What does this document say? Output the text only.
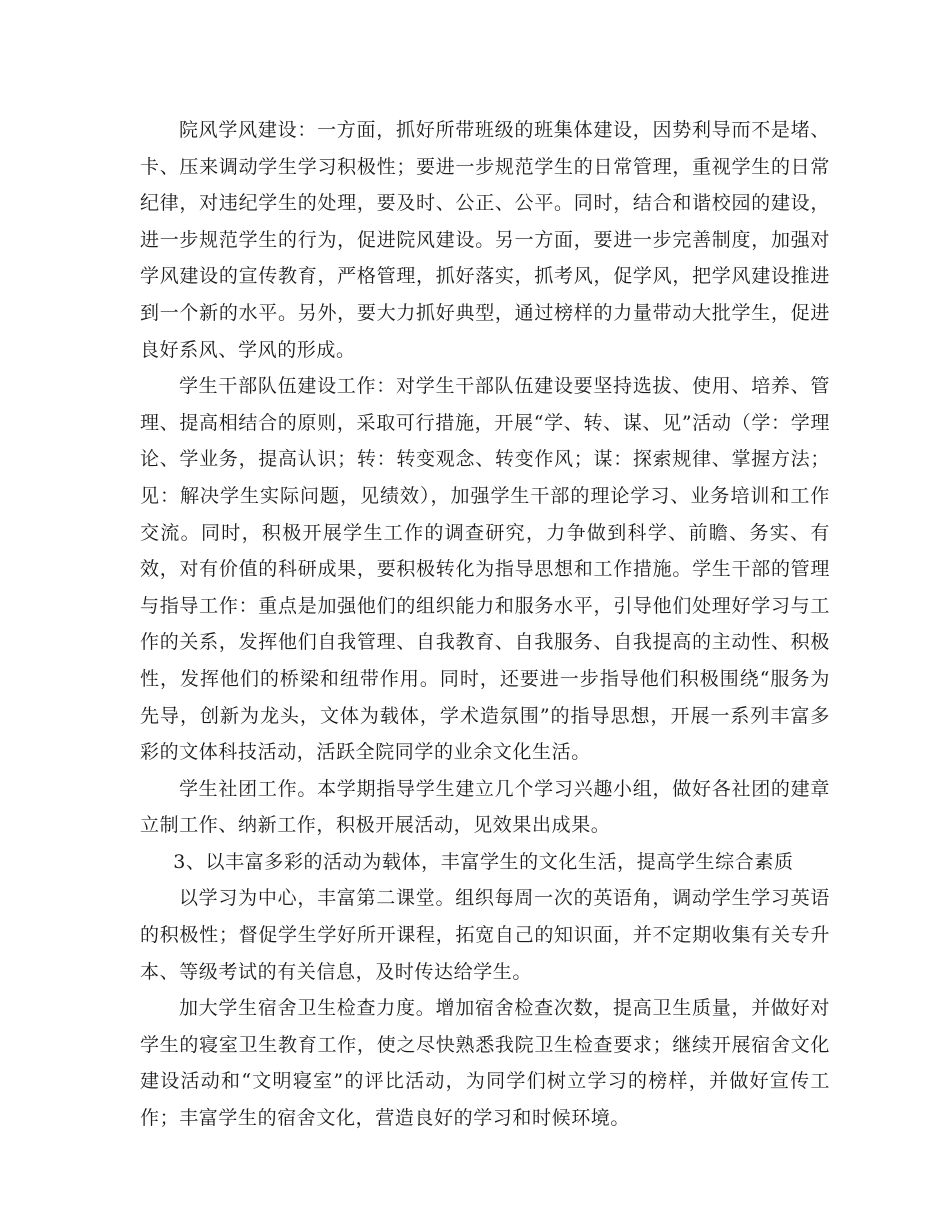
院风学风建设：一方面，抓好所带班级的班集体建设，因势利导而不是堵、卡、压来调动学生学习积极性；要进一步规范学生的日常管理，重视学生的日常纪律，对违纪学生的处理，要及时、公正、公平。同时，结合和谐校园的建设，进一步规范学生的行为，促进院风建设。另一方面，要进一步完善制度，加强对学风建设的宣传教育，严格管理，抓好落实，抓考风，促学风，把学风建设推进到一个新的水平。另外，要大力抓好典型，通过榜样的力量带动大批学生，促进良好系风、学风的形成。

学生干部队伍建设工作：对学生干部队伍建设要坚持选拔、使用、培养、管理、提高相结合的原则，采取可行措施，开展“学、转、谋、见”活动（学：学理论、学业务，提高认识；转：转变观念、转变作风；谋：探索规律、掌握方法；见：解决学生实际问题，见绩效），加强学生干部的理论学习、业务培训和工作交流。同时，积极开展学生工作的调查研究，力争做到科学、前瞻、务实、有效，对有价值的科研成果，要积极转化为指导思想和工作措施。学生干部的管理与指导工作：重点是加强他们的组织能力和服务水平，引导他们处理好学习与工作的关系，发挥他们自我管理、自我教育、自我服务、自我提高的主动性、积极性，发挥他们的桥梁和纽带作用。同时，还要进一步指导他们积极围绕“服务为先导，创新为龙头，文体为载体，学术造氛围”的指导思想，开展一系列丰富多彩的文体科技活动，活跃全院同学的业余文化生活。

学生社团工作。本学期指导学生建立几个学习兴趣小组，做好各社团的建章立制工作、纳新工作，积极开展活动，见效果出成果。

3、以丰富多彩的活动为载体，丰富学生的文化生活，提高学生综合素质

以学习为中心，丰富第二课堂。组织每周一次的英语角，调动学生学习英语的积极性；督促学生学好所开课程，拓宽自己的知识面，并不定期收集有关专升本、等级考试的有关信息，及时传达给学生。

加大学生宿舍卫生检查力度。增加宿舍检查次数，提高卫生质量，并做好对学生的寝室卫生教育工作，使之尽快熟悉我院卫生检查要求；继续开展宿舍文化建设活动和“文明寝室”的评比活动，为同学们树立学习的榜样，并做好宣传工作；丰富学生的宿舍文化，营造良好的学习和时候环境。
